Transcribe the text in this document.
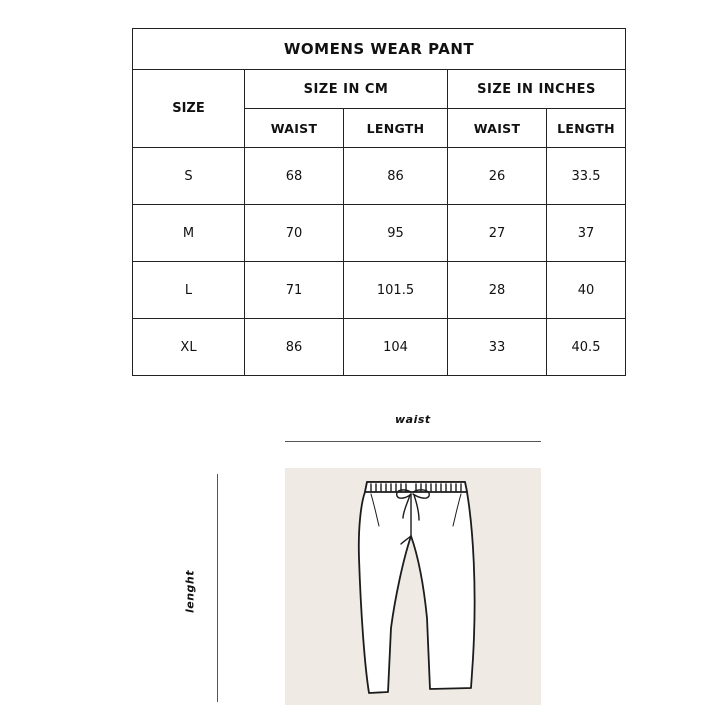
WOMENS WEAR PANT				
SIZE	SIZE IN CM		SIZE IN INCHES	
	WAIST	LENGTH	WAIST	LENGTH
S	68	86	26	33.5
M	70	95	27	37
L	71	101.5	28	40
XL	86	104	33	40.5
waist
lenght
